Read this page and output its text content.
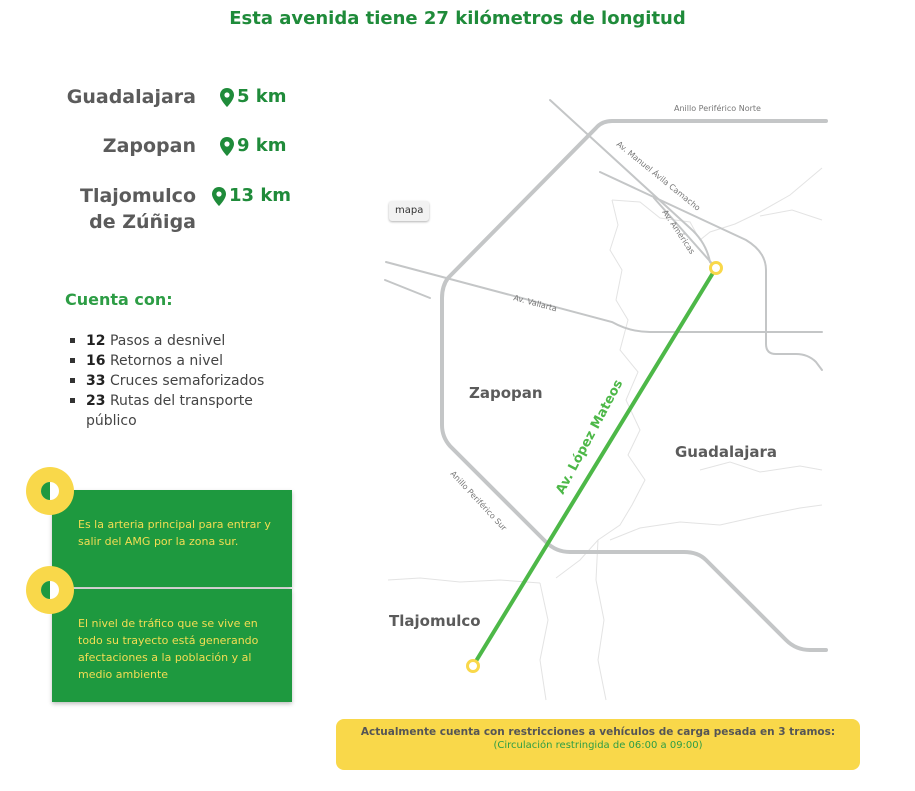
Esta avenida tiene 27 kilómetros de longitud
Guadalajara 5 km
Zapopan 9 km
Tlajomulco
de Zúñiga
13 km
Cuenta con:
12 Pasos a desnivel
16 Retornos a nivel
33 Cruces semaforizados
23 Rutas del transporte público

Es la arteria principal para entrar y salir del AMG por la zona sur.

El nivel de tráfico que se vive en todo su trayecto está generando afectaciones a la población y al medio ambiente

Anillo Periférico Norte
Av. Manuel Ávila Camacho
Av. Américas
Av. Vallarta
Anillo Periférico Sur
Av. López Mateos
Zapopan
Guadalajara
Tlajomulco
mapa
Actualmente cuenta con restricciones a vehículos de carga pesada en 3 tramos:
(Circulación restringida de 06:00 a 09:00)
